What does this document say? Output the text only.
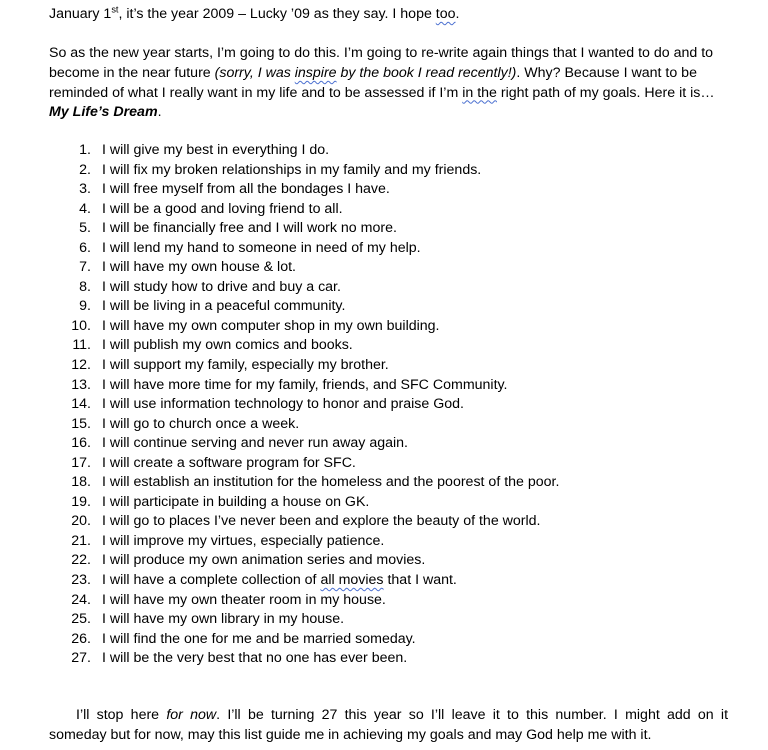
January 1st, it’s the year 2009 – Lucky ’09 as they say. I hope too.

So as the new year starts, I’m going to do this. I’m going to re-write again things that I wanted to do and to become in the near future (sorry, I was inspire by the book I read recently!). Why? Because I want to be reminded of what I really want in my life and to be assessed if I’m in the right path of my goals. Here it is…My Life’s Dream.

1. I will give my best in everything I do.
2. I will fix my broken relationships in my family and my friends.
3. I will free myself from all the bondages I have.
4. I will be a good and loving friend to all.
5. I will be financially free and I will work no more.
6. I will lend my hand to someone in need of my help.
7. I will have my own house & lot.
8. I will study how to drive and buy a car.
9. I will be living in a peaceful community.
10. I will have my own computer shop in my own building.
11. I will publish my own comics and books.
12. I will support my family, especially my brother.
13. I will have more time for my family, friends, and SFC Community.
14. I will use information technology to honor and praise God.
15. I will go to church once a week.
16. I will continue serving and never run away again.
17. I will create a software program for SFC.
18. I will establish an institution for the homeless and the poorest of the poor.
19. I will participate in building a house on GK.
20. I will go to places I’ve never been and explore the beauty of the world.
21. I will improve my virtues, especially patience.
22. I will produce my own animation series and movies.
23. I will have a complete collection of all movies that I want.
24. I will have my own theater room in my house.
25. I will have my own library in my house.
26. I will find the one for me and be married someday.
27. I will be the very best that no one has ever been.

I’ll stop here for now. I’ll be turning 27 this year so I’ll leave it to this number. I might add on it
someday but for now, may this list guide me in achieving my goals and may God help me with it.
